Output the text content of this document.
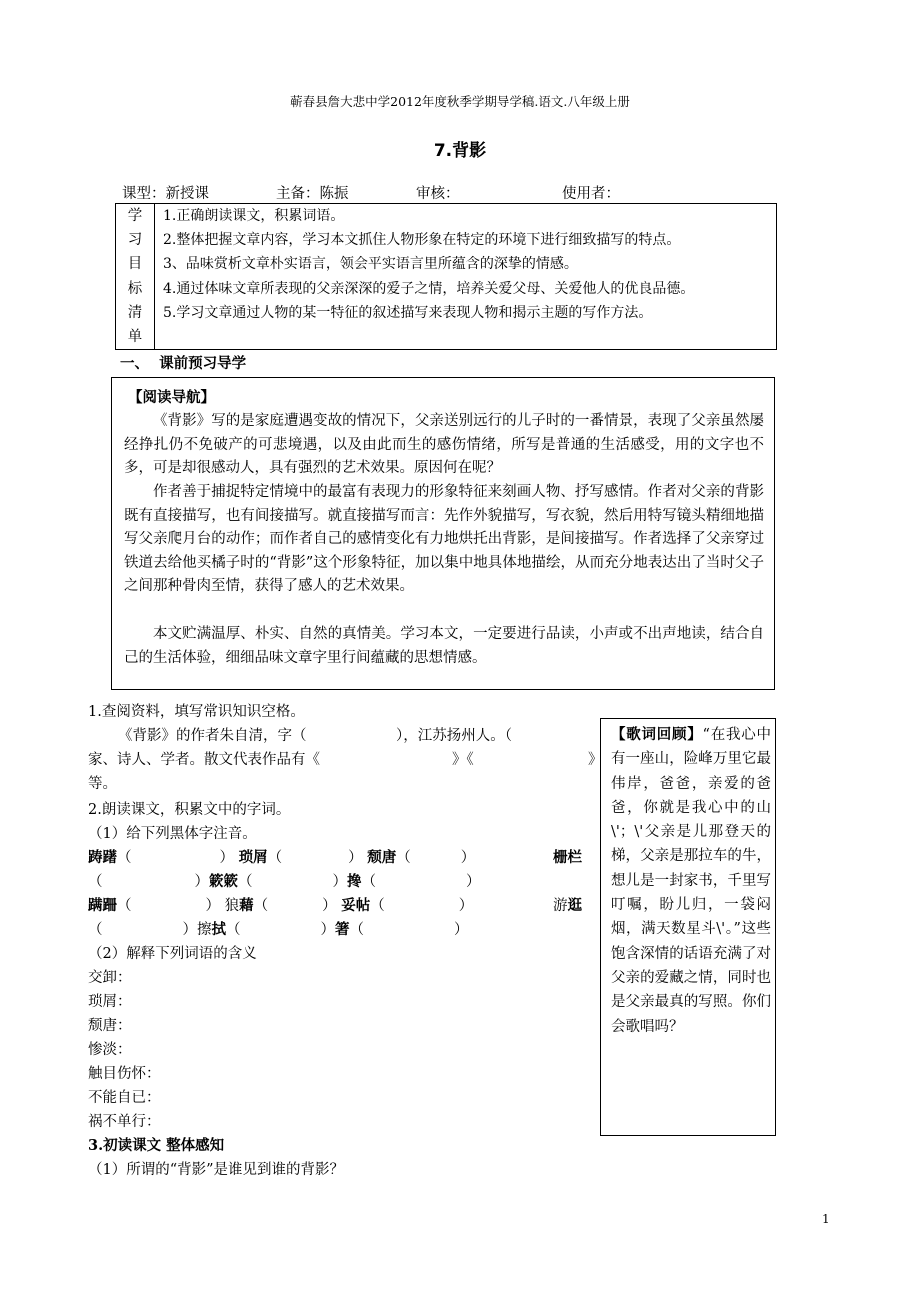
蕲春县詹大悲中学2012年度秋季学期导学稿.语文.八年级上册
7.背影
课型：新授课	主备：陈振	审核：	使用者：
学
习
目
标
清
单

1.正确朗读课文，积累词语。
2.整体把握文章内容，学习本文抓住人物形象在特定的环境下进行细致描写的特点。
3、品味赏析文章朴实语言，领会平实语言里所蕴含的深挚的情感。
4.通过体味文章所表现的父亲深深的爱子之情，培养关爱父母、关爱他人的优良品德。
5.学习文章通过人物的某一特征的叙述描写来表现人物和揭示主题的写作方法。
一、  课前预习导学
【阅读导航】
《背影》写的是家庭遭遇变故的情况下，父亲送别远行的儿子时的一番情景，表现了父亲虽然屡经挣扎仍不免破产的可悲境遇，以及由此而生的感伤情绪，所写是普通的生活感受，用的文字也不多，可是却很感动人，具有强烈的艺术效果。原因何在呢？
作者善于捕捉特定情境中的最富有表现力的形象特征来刻画人物、抒写感情。作者对父亲的背影既有直接描写，也有间接描写。就直接描写而言：先作外貌描写，写衣貌，然后用特写镜头精细地描写父亲爬月台的动作；而作者自己的感情变化有力地烘托出背影，是间接描写。作者选择了父亲穿过铁道去给他买橘子时的“背影”这个形象特征，加以集中地具体地描绘，从而充分地表达出了当时父子之间那种骨肉至情，获得了感人的艺术效果。
本文贮满温厚、朴实、自然的真情美。学习本文，一定要进行品读，小声或不出声地读，结合自己的生活体验，细细品味文章字里行间蕴藏的思想情感。
1.查阅资料，填写常识知识空格。
《背影》的作者朱自清，字（	），江苏扬州人。（
家、诗人、学者。散文代表作品有《	》《	》
等。
2.朗读课文，积累文中的字词。
（1）给下列黑体字注音。
踌躇（	） 琐屑（	） 颓唐（	）	栅栏
（	）簌簌（	）搀（	）
蹒跚（	） 狼藉（	） 妥帖（	）	游逛
（	）擦拭（	）箸（	）
（2）解释下列词语的含义
交卸：
琐屑：
颓唐：
惨淡：
触目伤怀：
不能自已：
祸不单行：
3.初读课文 整体感知
（1）所谓的“背影”是谁见到谁的背影？
【歌词回顾】“在我心中有一座山，险峰万里它最伟岸，爸爸，亲爱的爸爸，你就是我心中的山\'；\'父亲是儿那登天的梯，父亲是那拉车的牛，想儿是一封家书，千里写叮嘱，盼儿归，一袋闷烟，满天数星斗\'。”这些饱含深情的话语充满了对父亲的爱藏之情，同时也是父亲最真的写照。你们会歌唱吗？
1
